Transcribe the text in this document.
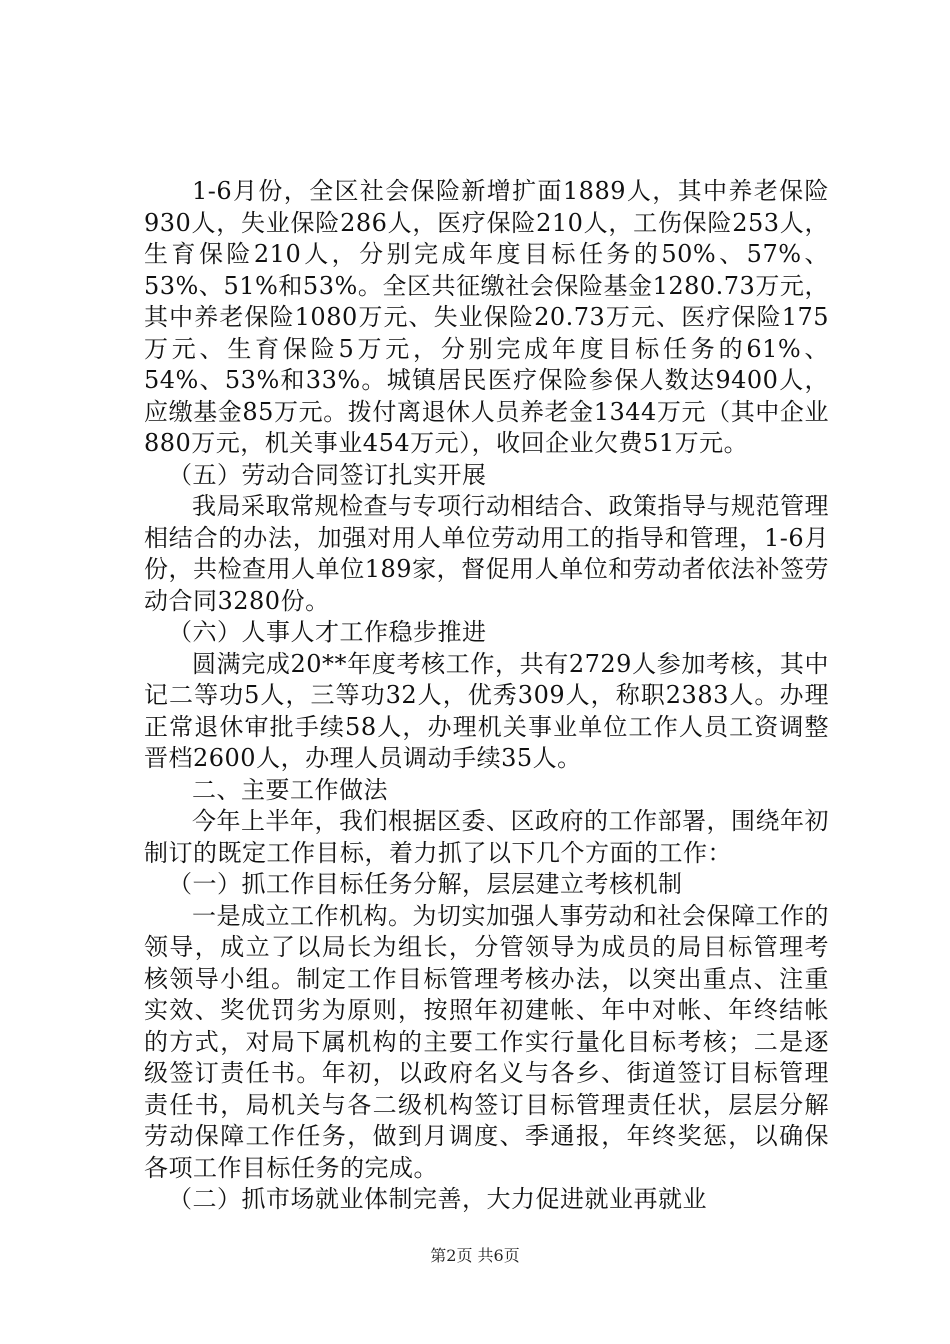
1-6月份，全区社会保险新增扩面1889人，其中养老保险930人，失业保险286人，医疗保险210人，工伤保险253人，生育保险210人，分别完成年度目标任务的50%、57%、53%、51%和53%。全区共征缴社会保险基金1280.73万元，其中养老保险1080万元、失业保险20.73万元、医疗保险175万元、生育保险5万元，分别完成年度目标任务的61%、54%、53%和33%。城镇居民医疗保险参保人数达9400人，应缴基金85万元。拨付离退休人员养老金1344万元（其中企业880万元，机关事业454万元），收回企业欠费51万元。

（五）劳动合同签订扎实开展

我局采取常规检查与专项行动相结合、政策指导与规范管理相结合的办法，加强对用人单位劳动用工的指导和管理，1-6月份，共检查用人单位189家，督促用人单位和劳动者依法补签劳动合同3280份。

（六）人事人才工作稳步推进

圆满完成20**年度考核工作，共有2729人参加考核，其中记二等功5人，三等功32人，优秀309人，称职2383人。办理正常退休审批手续58人，办理机关事业单位工作人员工资调整晋档2600人，办理人员调动手续35人。

二、主要工作做法

今年上半年，我们根据区委、区政府的工作部署，围绕年初制订的既定工作目标，着力抓了以下几个方面的工作：

（一）抓工作目标任务分解，层层建立考核机制

一是成立工作机构。为切实加强人事劳动和社会保障工作的领导，成立了以局长为组长，分管领导为成员的局目标管理考核领导小组。制定工作目标管理考核办法，以突出重点、注重实效、奖优罚劣为原则，按照年初建帐、年中对帐、年终结帐的方式，对局下属机构的主要工作实行量化目标考核；二是逐级签订责任书。年初，以政府名义与各乡、街道签订目标管理责任书，局机关与各二级机构签订目标管理责任状，层层分解劳动保障工作任务，做到月调度、季通报，年终奖惩，以确保各项工作目标任务的完成。

（二）抓市场就业体制完善，大力促进就业再就业

第2页 共6页
